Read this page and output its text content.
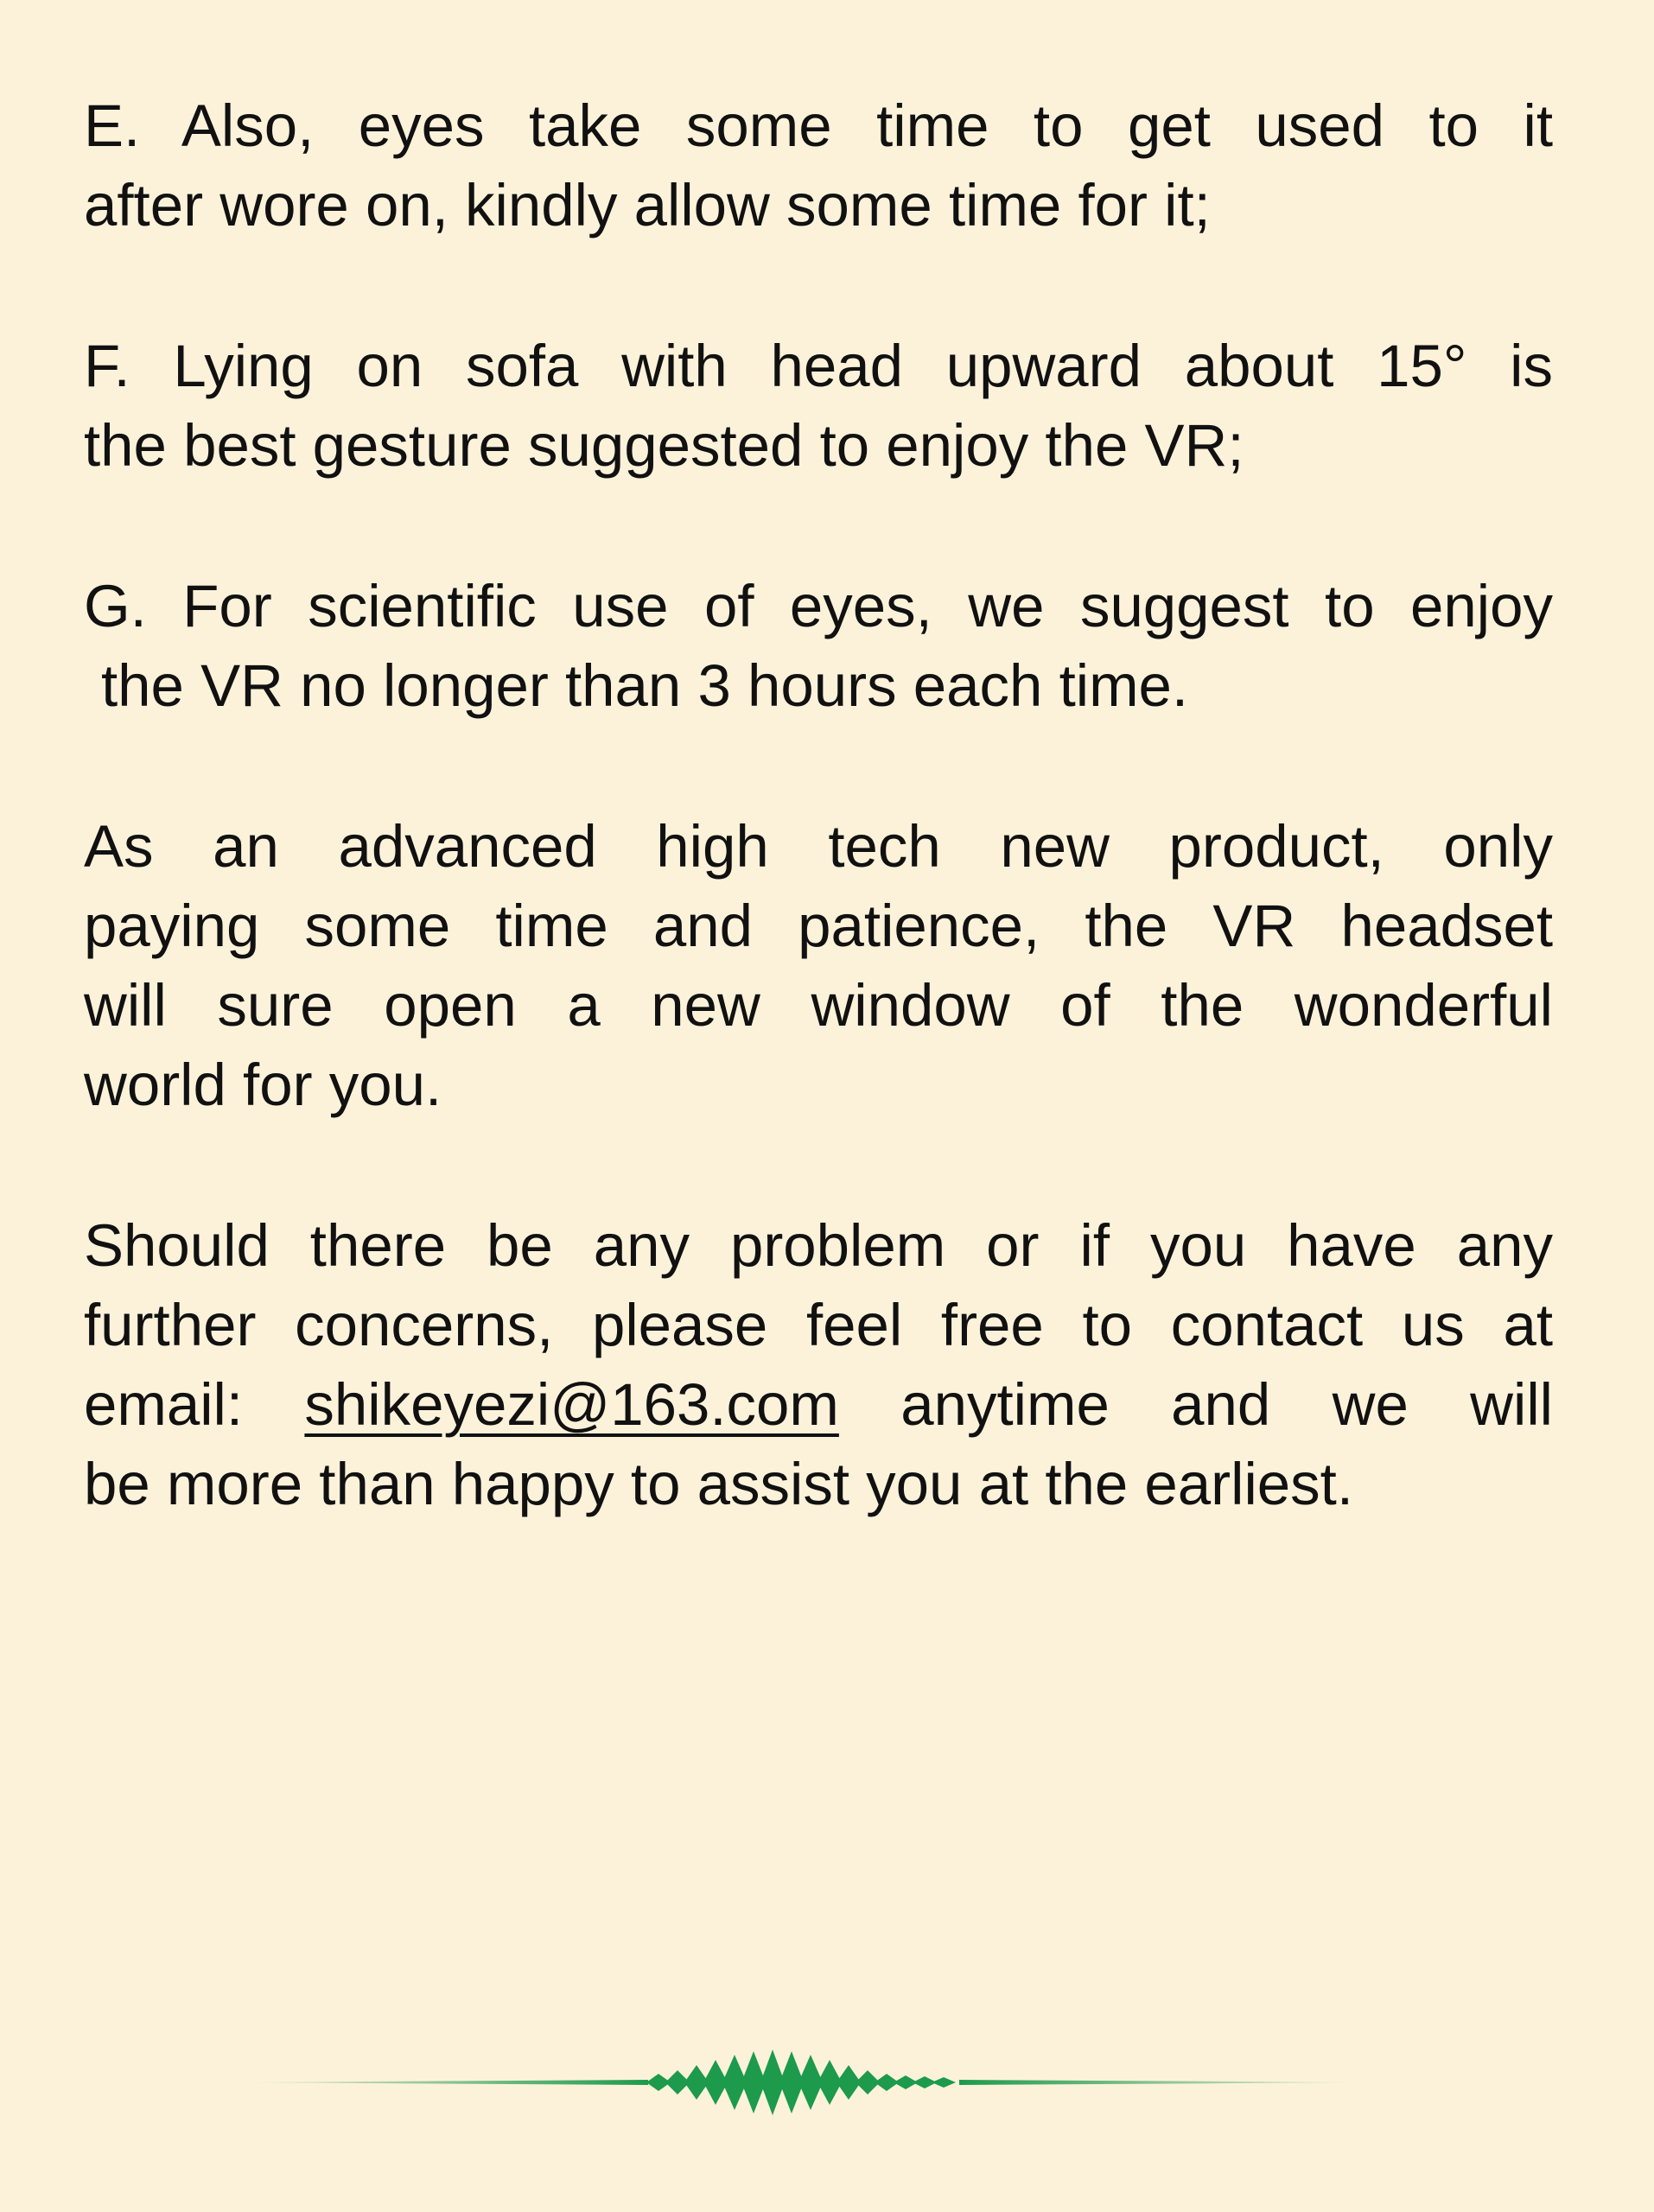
E. Also, eyes take some time to get used to it
after wore on, kindly allow some time for it;

F. Lying on sofa with head upward about 15° is
the best gesture suggested to enjoy the VR;

G. For scientific use of eyes, we suggest to enjoy
the VR no longer than 3 hours each time.

As an advanced high tech new product, only
paying some time and patience, the VR headset
will sure open a new window of the wonderful
world for you.

Should there be any problem or if you have any
further concerns, please feel free to contact us at
email: shikeyezi@163.com anytime and we will
be more than happy to assist you at the earliest.
